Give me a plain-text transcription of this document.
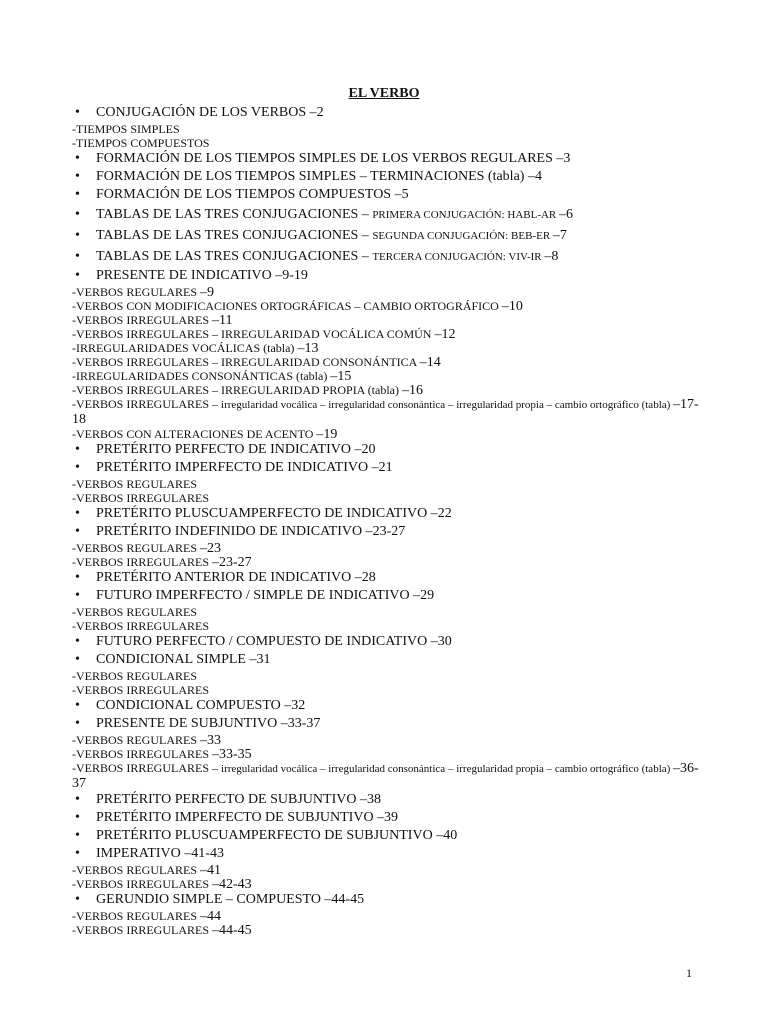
EL VERBO
• CONJUGACIÓN DE LOS VERBOS –2
-TIEMPOS SIMPLES
-TIEMPOS COMPUESTOS
• FORMACIÓN DE LOS TIEMPOS SIMPLES DE LOS VERBOS REGULARES –3
• FORMACIÓN DE LOS TIEMPOS SIMPLES – TERMINACIONES (tabla) –4
• FORMACIÓN DE LOS TIEMPOS COMPUESTOS –5
• TABLAS DE LAS TRES CONJUGACIONES – PRIMERA CONJUGACIÓN: HABL-AR –6
• TABLAS DE LAS TRES CONJUGACIONES – SEGUNDA CONJUGACIÓN: BEB-ER –7
• TABLAS DE LAS TRES CONJUGACIONES – TERCERA CONJUGACIÓN: VIV-IR –8
• PRESENTE DE INDICATIVO –9-19
-VERBOS REGULARES –9
-VERBOS CON MODIFICACIONES ORTOGRÁFICAS – CAMBIO ORTOGRÁFICO –10
-VERBOS IRREGULARES –11
-VERBOS IRREGULARES – IRREGULARIDAD VOCÁLICA COMÚN –12
-IRREGULARIDADES VOCÁLICAS (tabla) –13
-VERBOS IRREGULARES – IRREGULARIDAD CONSONÁNTICA –14
-IRREGULARIDADES CONSONÁNTICAS (tabla) –15
-VERBOS IRREGULARES – IRREGULARIDAD PROPIA (tabla) –16
-VERBOS IRREGULARES – irregularidad vocálica – irregularidad consonántica – irregularidad propia – cambio ortográfico (tabla) –17-18
-VERBOS CON ALTERACIONES DE ACENTO –19
• PRETÉRITO PERFECTO DE INDICATIVO –20
• PRETÉRITO IMPERFECTO DE INDICATIVO –21
-VERBOS REGULARES
-VERBOS IRREGULARES
• PRETÉRITO PLUSCUAMPERFECTO DE INDICATIVO –22
• PRETÉRITO INDEFINIDO DE INDICATIVO –23-27
-VERBOS REGULARES –23
-VERBOS IRREGULARES –23-27
• PRETÉRITO ANTERIOR DE INDICATIVO –28
• FUTURO IMPERFECTO / SIMPLE DE INDICATIVO –29
-VERBOS REGULARES
-VERBOS IRREGULARES
• FUTURO PERFECTO / COMPUESTO DE INDICATIVO –30
• CONDICIONAL SIMPLE –31
-VERBOS REGULARES
-VERBOS IRREGULARES
• CONDICIONAL COMPUESTO –32
• PRESENTE DE SUBJUNTIVO –33-37
-VERBOS REGULARES –33
-VERBOS IRREGULARES –33-35
-VERBOS IRREGULARES – irregularidad vocálica – irregularidad consonántica – irregularidad propia – cambio ortográfico (tabla) –36-37
• PRETÉRITO PERFECTO DE SUBJUNTIVO –38
• PRETÉRITO IMPERFECTO DE SUBJUNTIVO –39
• PRETÉRITO PLUSCUAMPERFECTO DE SUBJUNTIVO –40
• IMPERATIVO –41-43
-VERBOS REGULARES –41
-VERBOS IRREGULARES –42-43
• GERUNDIO SIMPLE – COMPUESTO –44-45
-VERBOS REGULARES –44
-VERBOS IRREGULARES –44-45
1
